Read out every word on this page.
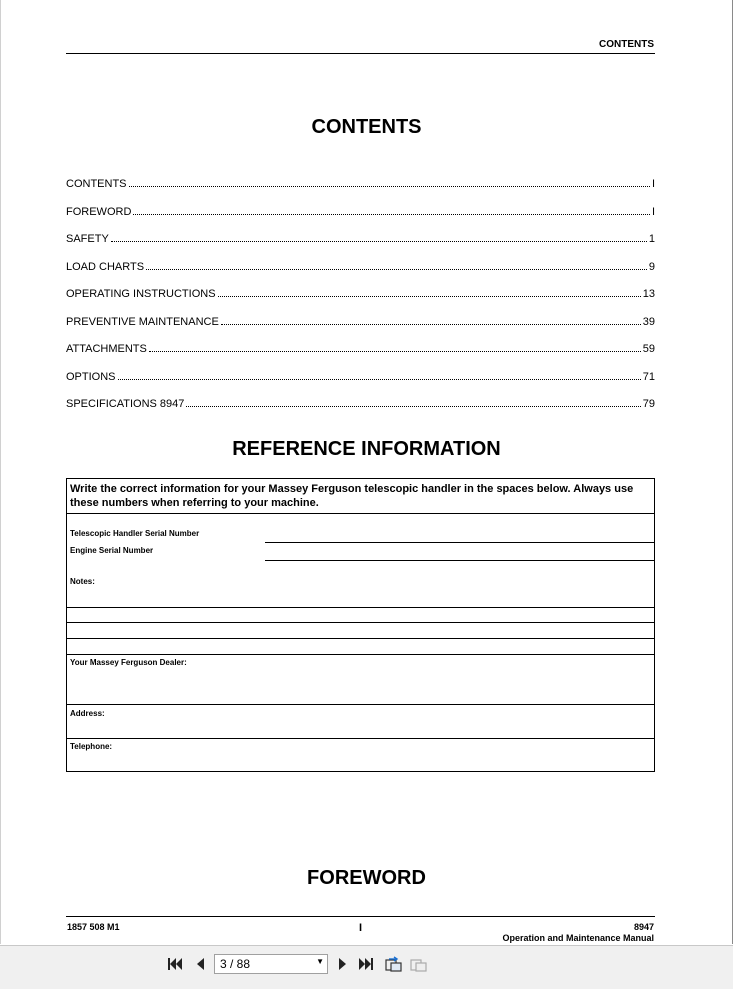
CONTENTS
CONTENTS
CONTENTS	I
FOREWORD	I
SAFETY	1
LOAD CHARTS	9
OPERATING INSTRUCTIONS	13
PREVENTIVE MAINTENANCE	39
ATTACHMENTS	59
OPTIONS	71
SPECIFICATIONS 8947	79
REFERENCE INFORMATION
Write the correct information for your Massey Ferguson telescopic handler in the spaces below. Always use these numbers when referring to your machine.
Telescopic Handler Serial Number
Engine Serial Number
Notes:
Your Massey Ferguson Dealer:
Address:
Telephone:
FOREWORD
1857 508 M1	I	8947
Operation and Maintenance Manual
3 / 88	▼
